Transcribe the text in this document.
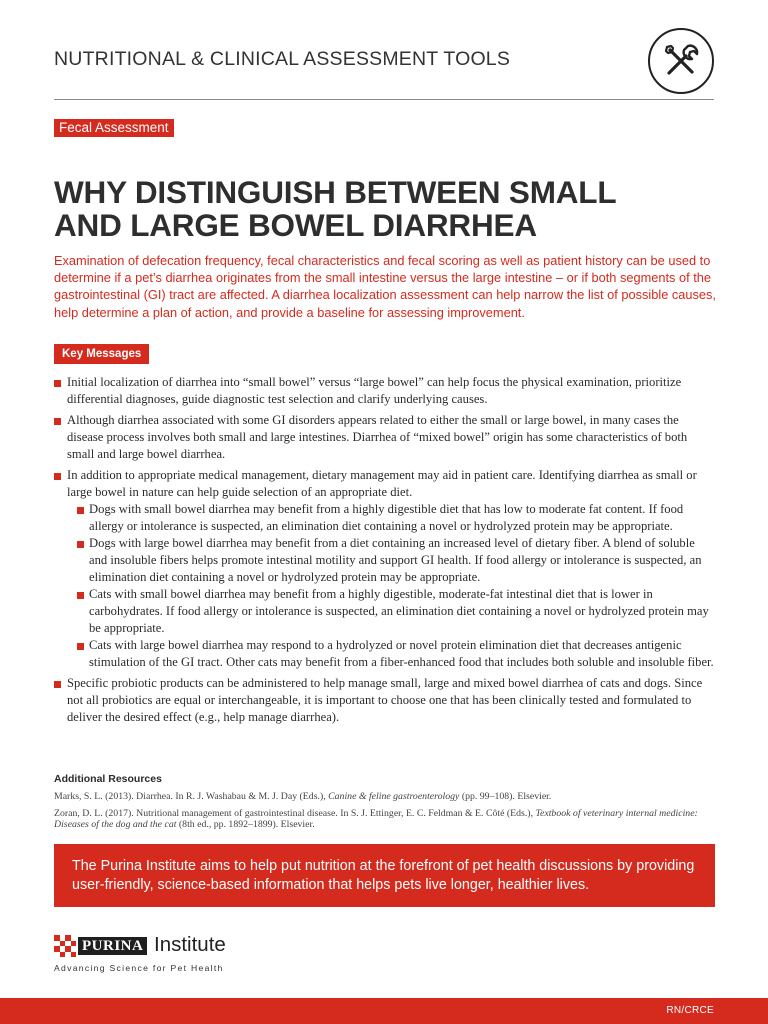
NUTRITIONAL & CLINICAL ASSESSMENT TOOLS
Fecal Assessment
WHY DISTINGUISH BETWEEN SMALL
AND LARGE BOWEL DIARRHEA

Examination of defecation frequency, fecal characteristics and fecal scoring as well as patient history can be used to determine if a pet’s diarrhea originates from the small intestine versus the large intestine – or if both segments of the gastrointestinal (GI) tract are affected. A diarrhea localization assessment can help narrow the list of possible causes, help determine a plan of action, and provide a baseline for assessing improvement.

Key Messages
Initial localization of diarrhea into “small bowel” versus “large bowel” can help focus the physical examination, prioritize differential diagnoses, guide diagnostic test selection and clarify underlying causes.
Although diarrhea associated with some GI disorders appears related to either the small or large bowel, in many cases the disease process involves both small and large intestines. Diarrhea of “mixed bowel” origin has some characteristics of both small and large bowel diarrhea.
In addition to appropriate medical management, dietary management may aid in patient care. Identifying diarrhea as small or large bowel in nature can help guide selection of an appropriate diet.
Dogs with small bowel diarrhea may benefit from a highly digestible diet that has low to moderate fat content. If food allergy or intolerance is suspected, an elimination diet containing a novel or hydrolyzed protein may be appropriate.
Dogs with large bowel diarrhea may benefit from a diet containing an increased level of dietary fiber. A blend of soluble and insoluble fibers helps promote intestinal motility and support GI health. If food allergy or intolerance is suspected, an elimination diet containing a novel or hydrolyzed protein may be appropriate.
Cats with small bowel diarrhea may benefit from a highly digestible, moderate-fat intestinal diet that is lower in carbohydrates. If food allergy or intolerance is suspected, an elimination diet containing a novel or hydrolyzed protein may be appropriate.
Cats with large bowel diarrhea may respond to a hydrolyzed or novel protein elimination diet that decreases antigenic stimulation of the GI tract. Other cats may benefit from a fiber-enhanced food that includes both soluble and insoluble fiber.
Specific probiotic products can be administered to help manage small, large and mixed bowel diarrhea of cats and dogs. Since not all probiotics are equal or interchangeable, it is important to choose one that has been clinically tested and formulated to deliver the desired effect (e.g., help manage diarrhea).
Additional Resources
Marks, S. L. (2013). Diarrhea. In R. J. Washabau & M. J. Day (Eds.), Canine & feline gastroenterology (pp. 99–108). Elsevier.
Zoran, D. L. (2017). Nutritional management of gastrointestinal disease. In S. J. Ettinger, E. C. Feldman & E. Côté (Eds.), Textbook of veterinary internal medicine: Diseases of the dog and the cat (8th ed., pp. 1892–1899). Elsevier.
The Purina Institute aims to help put nutrition at the forefront of pet health discussions by providing user-friendly, science-based information that helps pets live longer, healthier lives.
PURINA Institute
Advancing Science for Pet Health
RN/CRCE
